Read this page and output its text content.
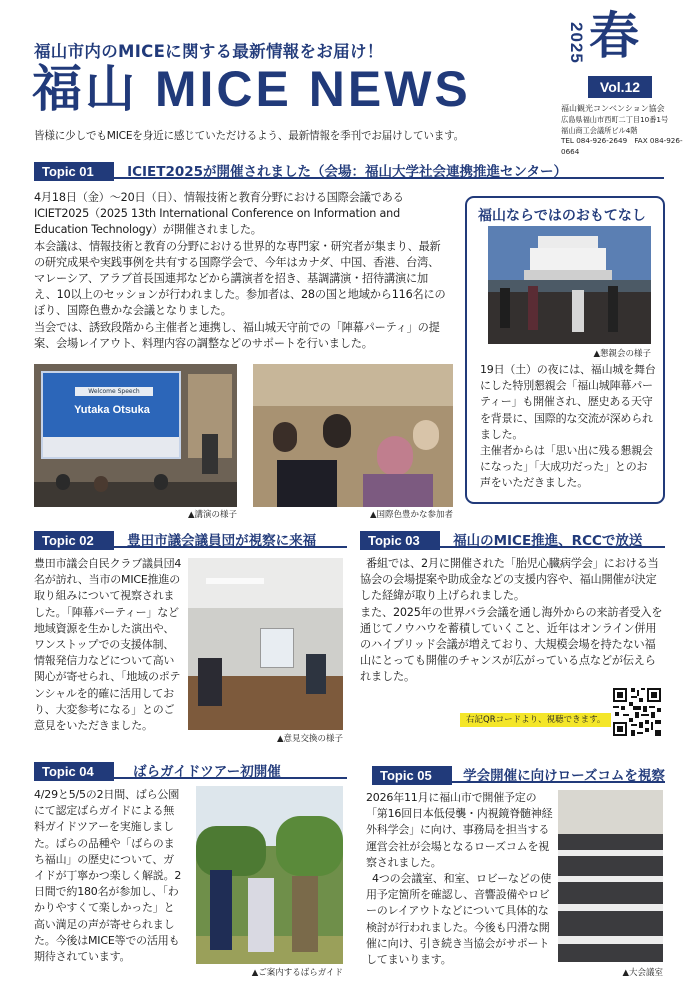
福山市内のMICEに関する最新情報をお届け！
福山 MICE NEWS
皆様に少しでもMICEを身近に感じていただけるよう、最新情報を季刊でお届けしています。
2025 春
Vol.12
福山観光コンベンション協会
広島県福山市西町二丁目10番1号
福山商工会議所ビル4階
TEL 084-926-2649　FAX 084-926-0664
Topic 01 ICIET2025が開催されました（会場：福山大学社会連携推進センター）

4月18日（金）～20日（日）、情報技術と教育分野における国際会議であるICIET2025（2025 13th International Conference on Information and Education Technology）が開催されました。

本会議は、情報技術と教育の分野における世界的な専門家・研究者が集まり、最新の研究成果や実践事例を共有する国際学会で、今年はカナダ、中国、香港、台湾、マレーシア、アラブ首長国連邦などから講演者を招き、基調講演・招待講演に加え、10以上のセッションが行われました。参加者は、28の国と地域から116名にのぼり、国際色豊かな会議となりました。

当会では、誘致段階から主催者と連携し、福山城天守前での「陣幕パーティ」の提案、会場レイアウト、料理内容の調整などのサポートを行いました。

Welcome Speech
Yutaka Otsuka
▲講演の様子	▲国際色豊かな参加者
福山ならではのおもてなし
▲懇親会の様子

19日（土）の夜には、福山城を舞台にした特別懇親会「福山城陣幕パーティー」も開催され、歴史ある天守を背景に、国際的な交流が深められました。

主催者からは「思い出に残る懇親会になった」「大成功だった」とのお声をいただきました。

Topic 02 豊田市議会議員団が視察に来福
豊田市議会自民クラブ議員団4名が訪れ、当市のMICE推進の取り組みについて視察されました。「陣幕パーティー」など地域資源を生かした演出や、ワンストップでの支援体制、情報発信力などについて高い関心が寄せられ、「地域のポテンシャルを的確に活用しており、大変参考になる」とのご意見をいただきました。
▲意見交換の様子
Topic 03 福山のMICE推進、RCCで放送

番組では、2月に開催された「胎児心臓病学会」における当協会の会場提案や助成金などの支援内容や、福山開催が決定した経緯が取り上げられました。

また、2025年の世界バラ会議を通し海外からの来訪者受入を通じてノウハウを蓄積していくこと、近年はオンライン併用のハイブリッド会議が増えており、大規模会場を持たない福山にとっても開催のチャンスが広がっている点などが伝えられました。

右記QRコードより、視聴できます。
Topic 04	ばらガイドツアー初開催
4/29と5/5の2日間、ばら公園にて認定ばらガイドによる無料ガイドツアーを実施しました。ばらの品種や「ばらのまち福山」の歴史について、ガイドが丁寧かつ楽しく解説。2日間で約180名が参加し、「わかりやすくて楽しかった」と高い満足の声が寄せられました。今後はMICE等での活用も期待されています。
▲ご案内するばらガイド
Topic 05 学会開催に向けローズコムを視察

2026年11月に福山市で開催予定の「第16回日本低侵襲・内視鏡脊髄神経外科学会」に向け、事務局を担当する運営会社が会場となるローズコムを視察されました。

4つの会議室、和室、ロビーなどの使用予定箇所を確認し、音響設備やロビーのレイアウトなどについて具体的な検討が行われました。今後も円滑な開催に向け、引き続き当協会がサポートしてまいります。

▲大会議室
